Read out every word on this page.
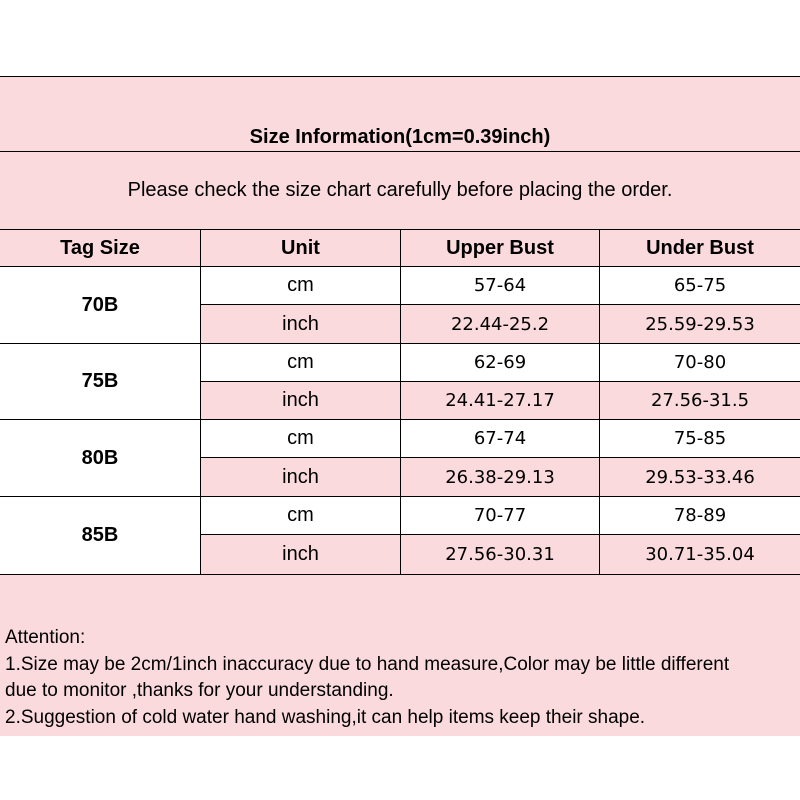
Size Information(1cm=0.39inch)
Please check the size chart carefully before placing the order.
Tag Size	Unit	Upper Bust	Under Bust
70B
cm	57-64	65-75
inch	22.44-25.2	25.59-29.53
75B
cm	62-69	70-80
inch	24.41-27.17	27.56-31.5
80B
cm	67-74	75-85
inch	26.38-29.13	29.53-33.46
85B
cm	70-77	78-89
inch	27.56-30.31	30.71-35.04
Attention:
1.Size may be 2cm/1inch inaccuracy due to hand measure,Color may be little different
due to monitor ,thanks for your understanding.
2.Suggestion of cold water hand washing,it can help items keep their shape.
